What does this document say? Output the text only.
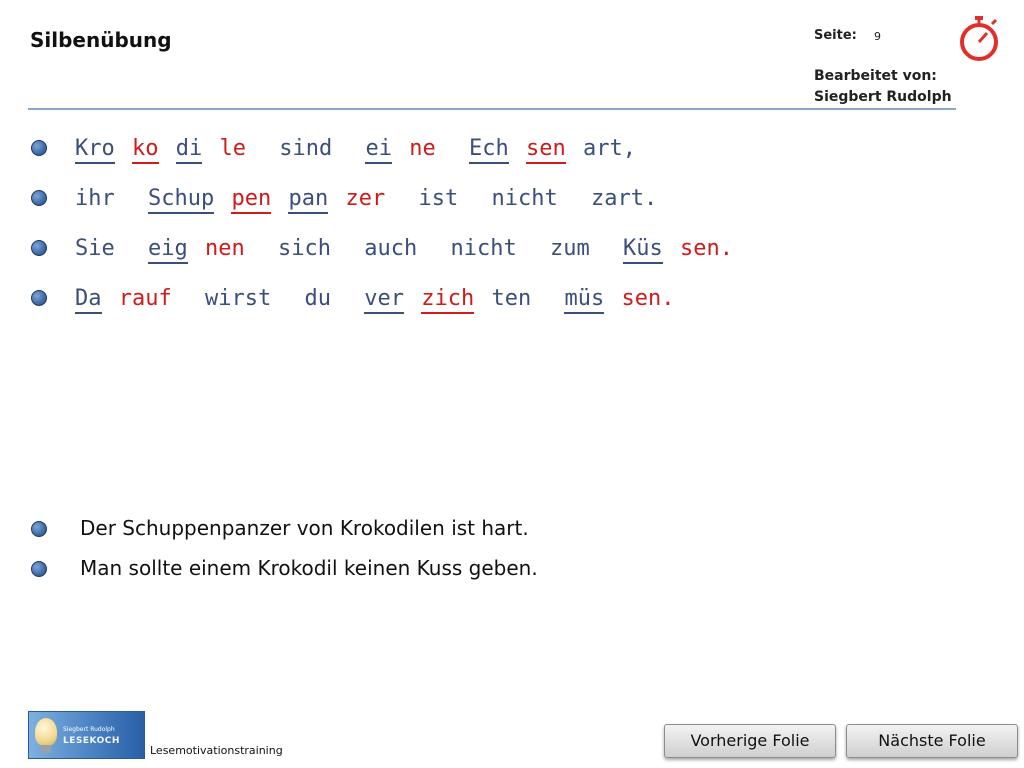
Silbenübung	Seite: 9
Bearbeitet von:
Siegbert Rudolph
Kro ko di le sind ei ne Ech sen art,
ihr Schup pen pan zer ist nicht zart.
Sie eig nen sich auch nicht zum Küs sen.
Da rauf wirst du ver zich ten müs sen.
Der Schuppenpanzer von Krokodilen ist hart.
Man sollte einem Krokodil keinen Kuss geben.
Siegbert Rudolph
LESEKOCH
Lesemotivationstraining
Vorherige Folie	Nächste Folie
